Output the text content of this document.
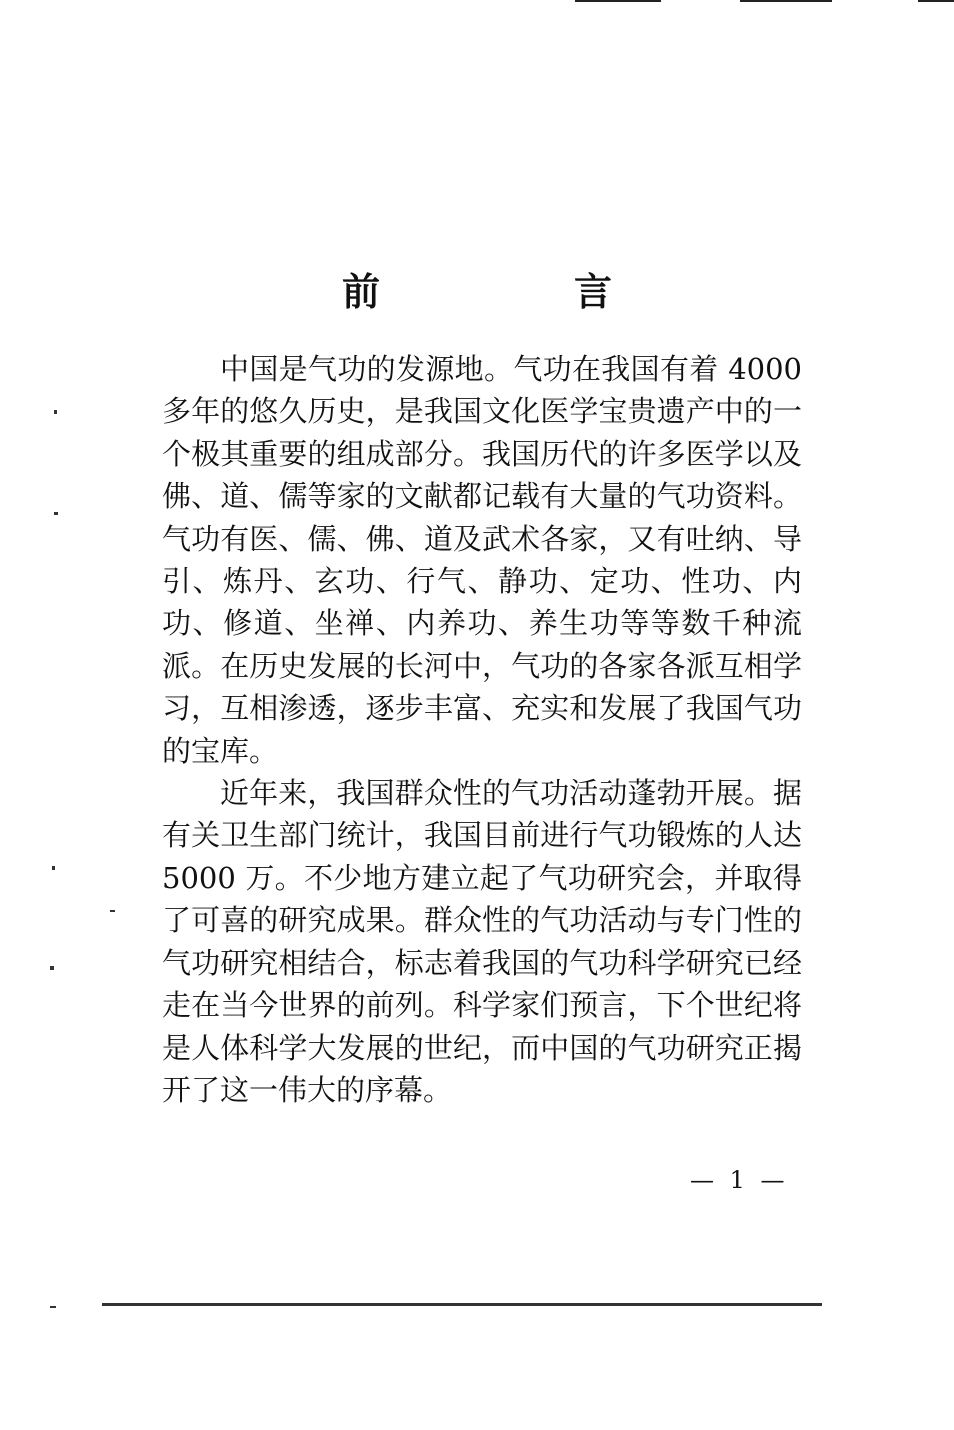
前　言

中国是气功的发源地。气功在我国有着 4000 多年的悠久历史，是我国文化医学宝贵遗产中的一个极其重要的组成部分。我国历代的许多医学以及佛、道、儒等家的文献都记载有大量的气功资料。气功有医、儒、佛、道及武术各家，又有吐纳、导引、炼丹、玄功、行气、静功、定功、性功、内功、修道、坐禅、内养功、养生功等等数千种流派。在历史发展的长河中，气功的各家各派互相学习，互相渗透，逐步丰富、充实和发展了我国气功的宝库。

近年来，我国群众性的气功活动蓬勃开展。据有关卫生部门统计，我国目前进行气功锻炼的人达 5000 万。不少地方建立起了气功研究会，并取得了可喜的研究成果。群众性的气功活动与专门性的气功研究相结合，标志着我国的气功科学研究已经走在当今世界的前列。科学家们预言，下个世纪将是人体科学大发展的世纪，而中国的气功研究正揭开了这一伟大的序幕。

— 1 —
